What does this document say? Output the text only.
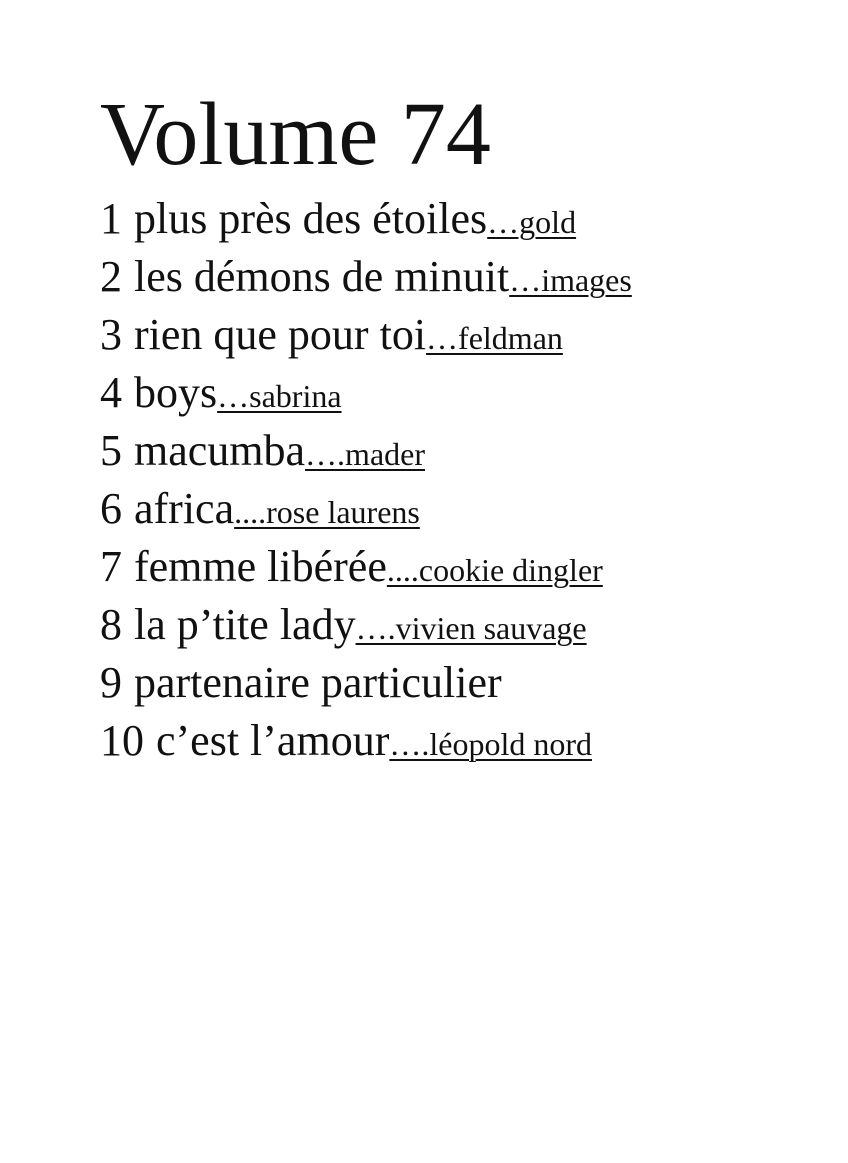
Volume 74
1 plus près des étoiles…gold
2 les démons de minuit…images
3 rien que pour toi…feldman
4 boys…sabrina
5 macumba….mader
6 africa....rose laurens
7 femme libérée....cookie dingler
8 la p’tite lady….vivien sauvage
9 partenaire particulier
10 c’est l’amour….léopold nord
